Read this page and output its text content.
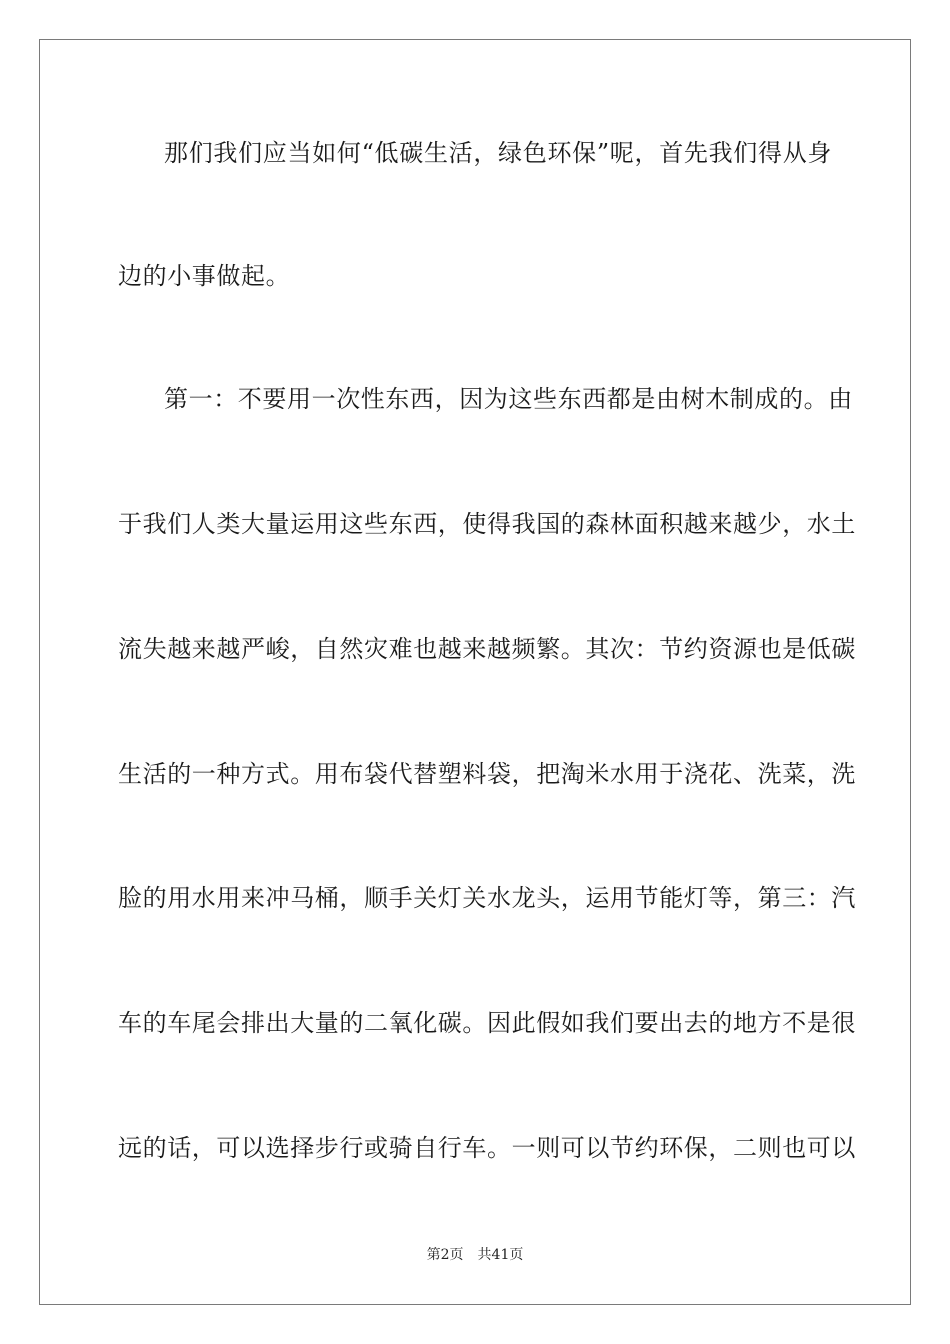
那们我们应当如何“低碳生活，绿色环保”呢，首先我们得从身
边的小事做起。
第一：不要用一次性东西，因为这些东西都是由树木制成的。由
于我们人类大量运用这些东西，使得我国的森林面积越来越少，水土
流失越来越严峻，自然灾难也越来越频繁。其次：节约资源也是低碳
生活的一种方式。用布袋代替塑料袋，把淘米水用于浇花、洗菜，洗
脸的用水用来冲马桶，顺手关灯关水龙头，运用节能灯等，第三：汽
车的车尾会排出大量的二氧化碳。因此假如我们要出去的地方不是很
远的话，可以选择步行或骑自行车。一则可以节约环保，二则也可以
第2页 共41页
